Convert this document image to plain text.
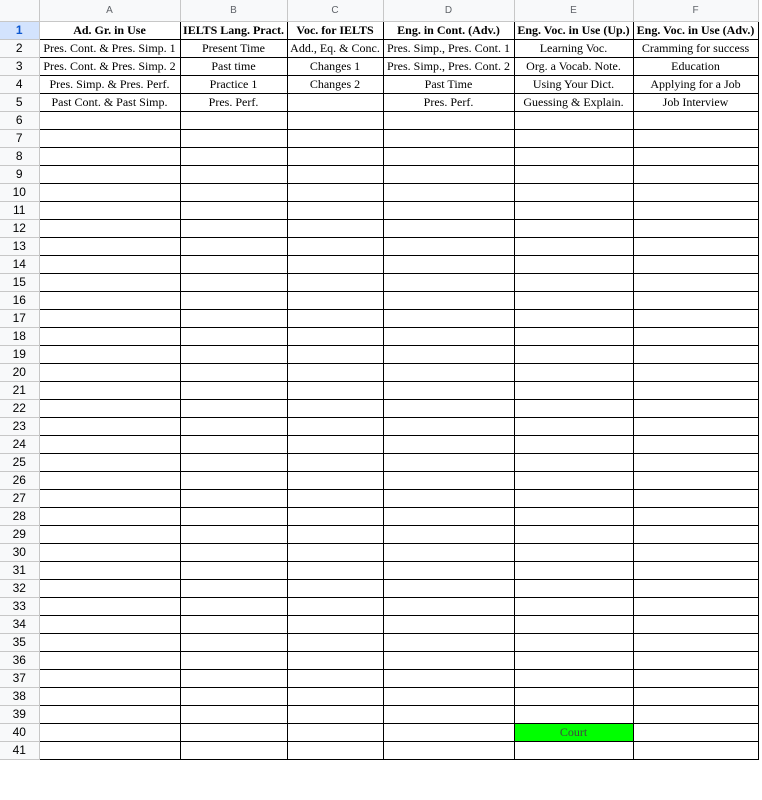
	A	B	C	D	E	F
1	Ad. Gr. in Use	IELTS Lang. Pract.	Voc. for IELTS	Eng. in Cont. (Adv.)	Eng. Voc. in Use (Up.)	Eng. Voc. in Use (Adv.)
2	Pres. Cont. & Pres. Simp. 1	Present Time	Add., Eq. & Conc.	Pres. Simp., Pres. Cont. 1	Learning Voc.	Cramming for success
3	Pres. Cont. & Pres. Simp. 2	Past time	Changes 1	Pres. Simp., Pres. Cont. 2	Org. a Vocab. Note.	Education
4	Pres. Simp. & Pres. Perf.	Practice 1	Changes 2	Past Time	Using Your Dict.	Applying for a Job
5	Past Cont. & Past Simp.	Pres. Perf.		Pres. Perf.	Guessing & Explain.	Job Interview
6						
7						
8						
9						
10						
11						
12						
13						
14						
15						
16						
17						
18						
19						
20						
21						
22						
23						
24						
25						
26						
27						
28						
29						
30						
31						
32						
33						
34						
35						
36						
37						
38						
39						
40					Court	
41						
